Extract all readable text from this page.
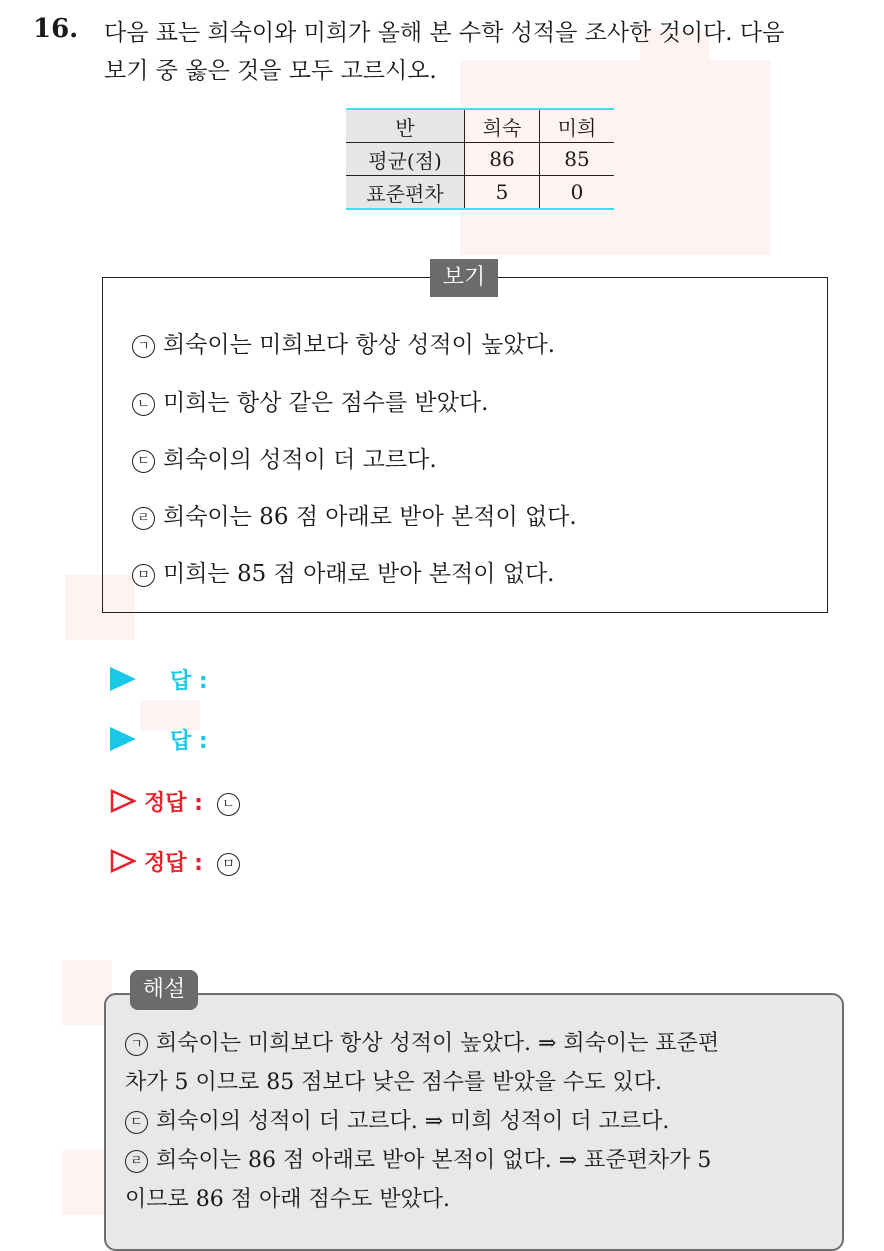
16. 다음 표는 희숙이와 미희가 올해 본 수학 성적을 조사한 것이다. 다음
보기 중 옳은 것을 모두 고르시오.
반	희숙	미희
평균(점)	86	85
표준편차	5	0
보기
ㄱ 희숙이는 미희보다 항상 성적이 높았다.
ㄴ 미희는 항상 같은 점수를 받았다.
ㄷ 희숙이의 성적이 더 고르다.
ㄹ 희숙이는 86 점 아래로 받아 본적이 없다.
ㅁ 미희는 85 점 아래로 받아 본적이 없다.
답 :
답 :
정답 : ㄴ
정답 : ㅁ
해설
ㄱ 희숙이는 미희보다 항상 성적이 높았다. ⇒ 희숙이는 표준편
차가 5 이므로 85 점보다 낮은 점수를 받았을 수도 있다.
ㄷ 희숙이의 성적이 더 고르다. ⇒ 미희 성적이 더 고르다.
ㄹ 희숙이는 86 점 아래로 받아 본적이 없다. ⇒ 표준편차가 5
이므로 86 점 아래 점수도 받았다.
